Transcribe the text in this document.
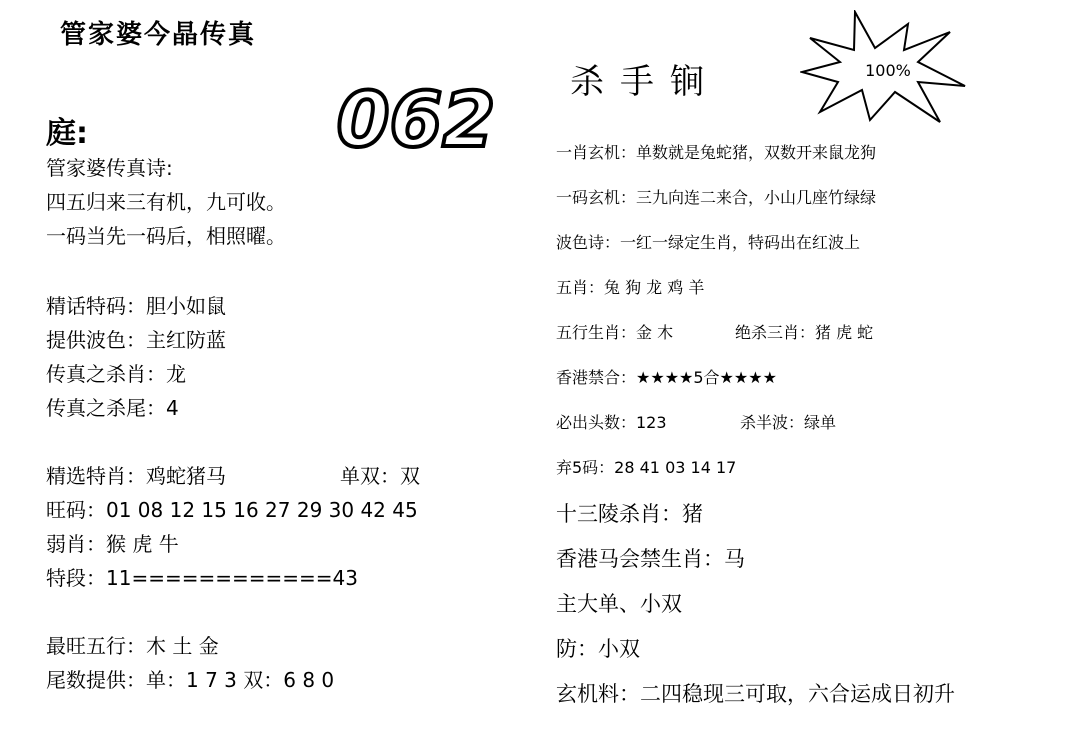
管家婆今晶传真
庭:	062
管家婆传真诗:
四五归来三有机，九可收。
一码当先一码后，相照曜。
精话特码：胆小如鼠
提供波色：主红防蓝
传真之杀肖：龙
传真之杀尾：4
精选特肖：鸡蛇猪马	单双：双
旺码：01 08 12 15 16 27 29 30 42 45
弱肖：猴 虎 牛
特段：11============43
最旺五行：木 土 金
尾数提供：单：1 7 3 双：6 8 0
杀手锏	100%
一肖玄机：单数就是兔蛇猪，双数开来鼠龙狗
一码玄机：三九向连二来合，小山几座竹绿绿
波色诗：一红一绿定生肖，特码出在红波上
五肖：兔 狗 龙 鸡 羊
五行生肖：金 木	绝杀三肖：猪 虎 蛇
香港禁合：★★★★5合★★★★
必出头数：123	杀半波：绿单
弃5码：28 41 03 14 17
十三陵杀肖：猪
香港马会禁生肖：马
主大单、小双
防：小双
玄机料：二四稳现三可取，六合运成日初升
